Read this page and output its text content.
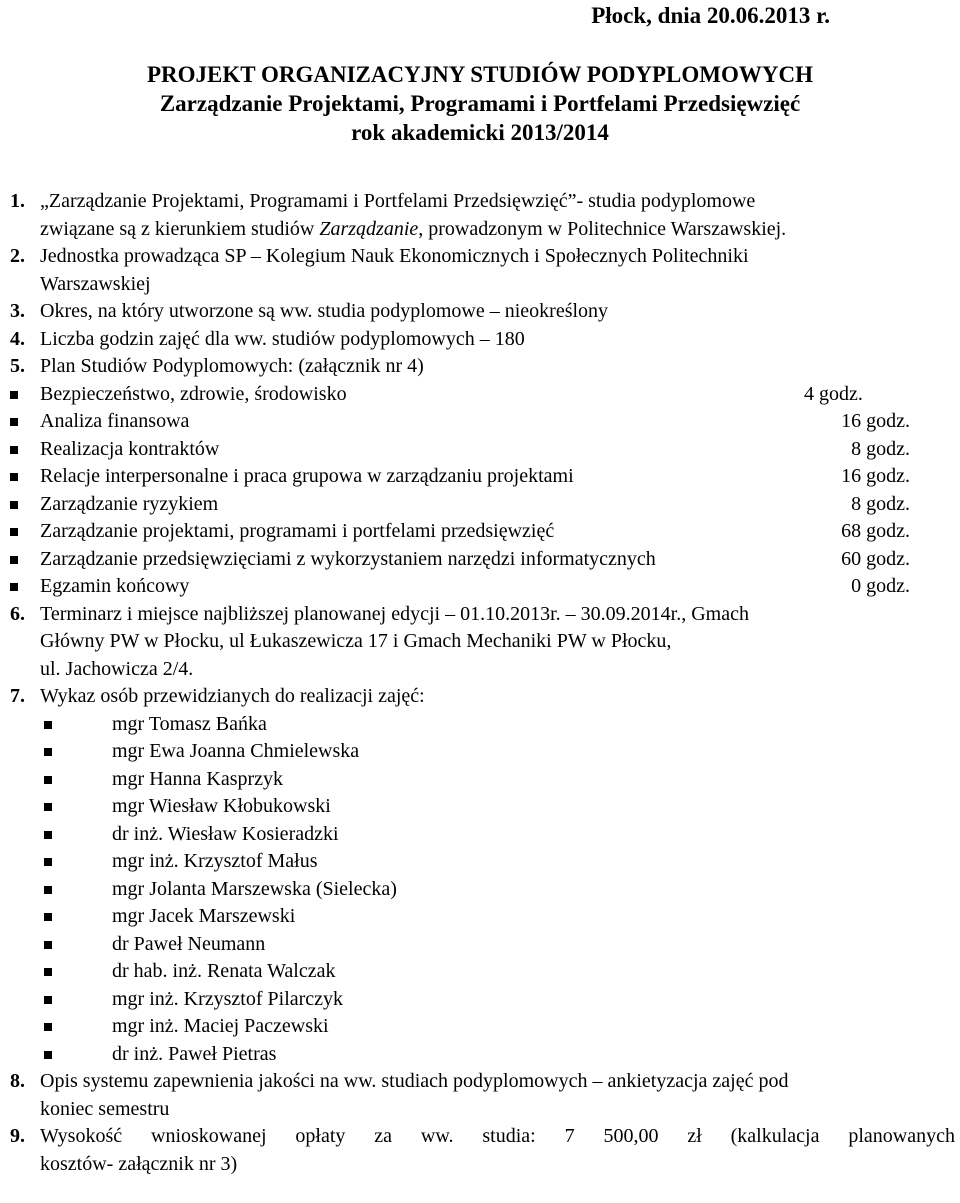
Płock, dnia 20.06.2013 r.
PROJEKT ORGANIZACYJNY STUDIÓW PODYPLOMOWYCH
Zarządzanie Projektami, Programami i Portfelami Przedsięwzięć
rok akademicki 2013/2014
1. „Zarządzanie Projektami, Programami i Portfelami Przedsięwzięć”- studia podyplomowe
związane są z kierunkiem studiów Zarządzanie, prowadzonym w Politechnice Warszawskiej.
2. Jednostka prowadząca SP – Kolegium Nauk Ekonomicznych i Społecznych Politechniki
Warszawskiej
3. Okres, na który utworzone są ww. studia podyplomowe – nieokreślony
4. Liczba godzin zajęć dla ww. studiów podyplomowych – 180
5. Plan Studiów Podyplomowych: (załącznik nr 4)
Bezpieczeństwo, zdrowie, środowisko	4 godz.
Analiza finansowa	16 godz.
Realizacja kontraktów	8 godz.
Relacje interpersonalne i praca grupowa w zarządzaniu projektami	16 godz.
Zarządzanie ryzykiem	8 godz.
Zarządzanie projektami, programami i portfelami przedsięwzięć	68 godz.
Zarządzanie przedsięwzięciami z wykorzystaniem narzędzi informatycznych	60 godz.
Egzamin końcowy	0 godz.
6. Terminarz i miejsce najbliższej planowanej edycji – 01.10.2013r. – 30.09.2014r., Gmach
Główny PW w Płocku, ul Łukaszewicza 17 i Gmach Mechaniki PW w Płocku,
ul. Jachowicza 2/4.
7. Wykaz osób przewidzianych do realizacji zajęć:
mgr Tomasz Bańka
mgr Ewa Joanna Chmielewska
mgr Hanna Kasprzyk
mgr Wiesław Kłobukowski
dr inż. Wiesław Kosieradzki
mgr inż. Krzysztof Małus
mgr Jolanta Marszewska (Sielecka)
mgr Jacek Marszewski
dr Paweł Neumann
dr hab. inż. Renata Walczak
mgr inż. Krzysztof Pilarczyk
mgr inż. Maciej Paczewski
dr inż. Paweł Pietras
8. Opis systemu zapewnienia jakości na ww. studiach podyplomowych – ankietyzacja zajęć pod
koniec semestru
9. Wysokość wnioskowanej opłaty za ww. studia: 7 500,00 zł (kalkulacja planowanych
kosztów- załącznik nr 3)
